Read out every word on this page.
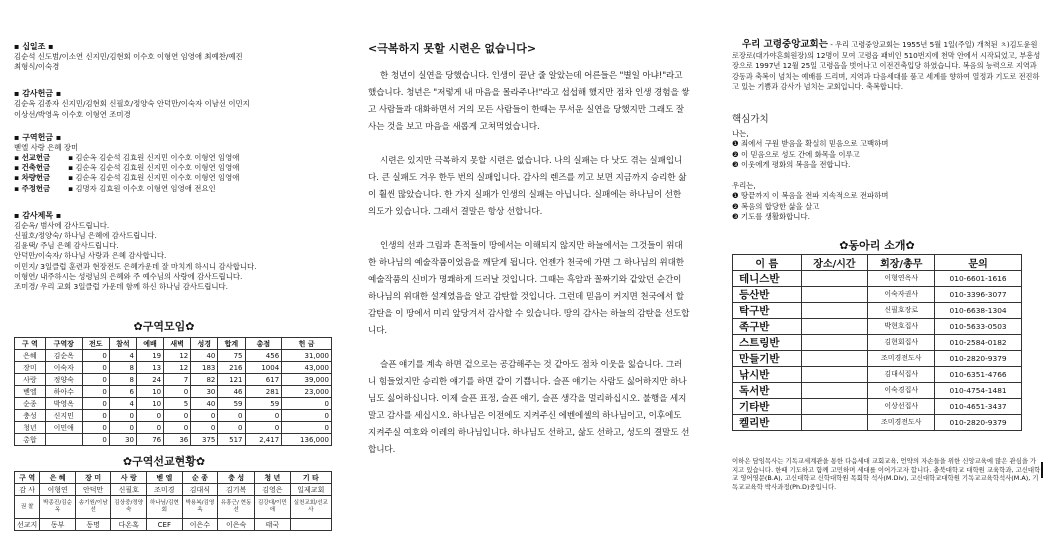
▪ 십일조 ▪

김순석 신도범/이소연 신지민/김현회 이수호 이형연 임영애 최예찬/예진
최형식/이숙경

▪ 감사헌금 ▪

김순옥 김종자 신지민/김현회 신필호/정양숙 안덕만/이숙자 이남선 이민지
이상선/박영옥 이수호 이형연 조미경

▪ 구역헌금 ▪

벧엘 사랑 은혜 장미
▪ 선교헌금 ▪ 김순옥 김순석 김효원 신지민 이수호 이형연 임영애
▪ 건축헌금 ▪ 김순옥 김순석 김효원 신지민 이수호 이형연 임영애
▪ 차량헌금 ▪ 김순옥 김순석 김효원 신지민 이수호 이형연 임영애
▪ 주정헌금 ▪ 김명자 김효원 이수호 이형연 임영애 전요인

▪ 감사제목 ▪

김순옥/ 범사에 감사드립니다.
신필호/정양숙/ 하나님 은혜에 감사드립니다.
김윤택/ 주님 은혜 감사드립니다.
안덕만/이숙자/ 하나님 사랑과 은혜 감사합니다.
이민지/ 3일클럽 훈련과 현장전도 은혜가운데 잘 마치게 하시니 감사합니다.
이형연/ 내주하시는 성령님의 은혜와 주 예수님의 사랑에 감사드립니다.
조미경/ 우리 교회 3일클럽 가운데 함께 하신 하나님 감사드립니다.
✿구역모임✿
구 역	구역장	전도	참석	예배	새벽	성경	합계	총점	헌 금
은혜	김순옥	0	4	19	12	40	75	456	31,000
장미	이숙자	0	8	13	12	183	216	1004	43,000
사랑	정양숙	0	8	24	7	82	121	617	39,000
벧엘	하아수	0	6	10	0	30	46	281	23,000
순종	박영옥	0	4	10	5	40	59	59	0
충성	신지민	0	0	0	0	0	0	0	0
청년	이민애	0	0	0	0	0	0	0	0
총합		0	30	76	36	375	517	2,417	136,000
✿구역선교현황✿
구 역	은 혜	장 미	사 랑	벧 엘	순 종	충 성	청 년	기 타
감 사	이형연	안덕만	신필호	조미경	김대식	김기복	김영은	일제교회
권 찰	박종진/김순옥	송기원/이남선	김상중/정양숙	하나님/김현회	박용복/김영옥	유흥근/ 현동선	김강대/이민애	실천교회/선교사
선교지	동부	동명	다온혹	CEF	이은수	이은숙	태국	

<극복하지 못할 시련은 없습니다>

한 청년이 실연을 당했습니다. 인생이 끝난 줄 알았는데 어른들은 "별일 아냐!"라고 했습니다. 청년은 "저렇게 내 마음을 몰라주나!"라고 섭섭해 했지만 점차 인생 경험을 쌓고 사람들과 대화하면서 거의 모든 사람들이 한때는 무서운 실연을 당했지만 그래도 잘 사는 것을 보고 마음을 새롭게 고쳐먹었습니다.

시련은 있지만 극복하지 못할 시련은 없습니다. 나의 실패는 다 낫도 겪는 실패입니다. 큰 실패도 겨우 한두 번의 실패입니다. 감사의 렌즈를 끼고 보면 지금까지 승리한 삶이 훨씬 많았습니다. 한 가지 실패가 인생의 실패는 아닙니다. 실패에는 하나님이 선한 의도가 있습니다. 그래서 결말은 항상 선합니다.

인생의 선과 그림과 흔적들이 땅에서는 이해되지 않지만 하늘에서는 그것들이 위대한 하나님의 예술작품이었음을 깨닫게 됩니다. 언젠가 천국에 가면 그 하나님의 위대한 예술작품의 신비가 명쾌하게 드러날 것입니다. 그때는 흑암과 꼴짜기와 같았던 순간이 하나님의 위대한 설계였음을 알고 감탄할 것입니다. 그런데 믿음이 커지면 천국에서 할 감탄을 이 땅에서 미리 앞당겨서 감사할 수 있습니다. 땅의 감사는 하늘의 감탄을 선도합니다.

슬픈 얘기를 계속 하면 겉으로는 공감해주는 것 같아도 점차 이웃을 잃습니다. 그러니 힘들었지만 승리한 얘기를 하면 같이 기쁩니다. 슬픈 얘기는 사람도 싫어하지만 하나님도 싫어하십니다. 이제 슬픈 표정, 슬픈 얘기, 슬픈 생각을 멀리하십시오. 불행을 세지 말고 감사를 세십시오. 하나님은 이전에도 지켜주신 에벤에셀의 하나님이고, 이후에도 지켜주실 여호와 이레의 하나님입니다. 하나님도 선하고, 삶도 선하고, 성도의 결말도 선합니다.

우리 고령중앙교회는 - 우리 고령중앙교회는 1955년 5월 1일(주일) 개척된 ㅊ)김도윤원로장로(대가야흔회원장)의 12명이 모여 고령읍 패비인 510번지에 천막 안에서 시작되었고, 부흥성장으로 1997년 12월 25일 고령읍을 벗어나고 이전건축입당 하였습니다. 복음의 능력으로 지역과 강동과 축복이 넘치는 예배를 드리며, 지역과 다음세대를 품고 세계를 향하여 열정과 기도로 전진하고 있는 기쁨과 감사가 넘치는 교회입니다. 축복합니다.

핵심가치

나는,
❶ 죄에서 구원 받음을 확실히 믿음으로 고백하며
❷ 이 믿음으로 성도 간에 화목을 이루고
❸ 이웃에게 평화의 복음을 전합니다.
우리는,
❶ 땅끝까지 이 복음을 전파 지속적으로 전파하며
❷ 복음의 합당한 삶을 살고
❸ 기도를 생활화합니다.
✿동아리 소개✿
이 름	장소/시간	회장/총무	문의
테니스반		이형연옥사	010-6601-1616
등산반		이숙자권사	010-3396-3077
탁구반		신필호장로	010-6638-1304
족구반		박현호집사	010-5633-0503
스트링반		김현회집사	010-2584-0182
만들기반		조미경전도사	010-2820-9379
낚시반		김대식집사	010-6351-4766
독서반		이숙경집사	010-4754-1481
기타반		이상선집사	010-4651-3437
켈리반		조미경전도사	010-2820-9379
이하은 담임목사는 기독교세계관을 통한 다음세대 교회교육, 언약의 자손들을 위한 신앙교육에 많은 관심을 가지고 있습니다. 한때 기도하고 함께 고민하며 세대를 이어가고자 합니다. 충북대학교 대학원 교육학과, 고신대학교 영어영문(B.A), 고신대학교 신학대학원 목회학 석사(M.Div), 고신대학교대학원 기독교교육학석사(M.A), 기독교교육학 박사과정(Ph.D)중입니다.
